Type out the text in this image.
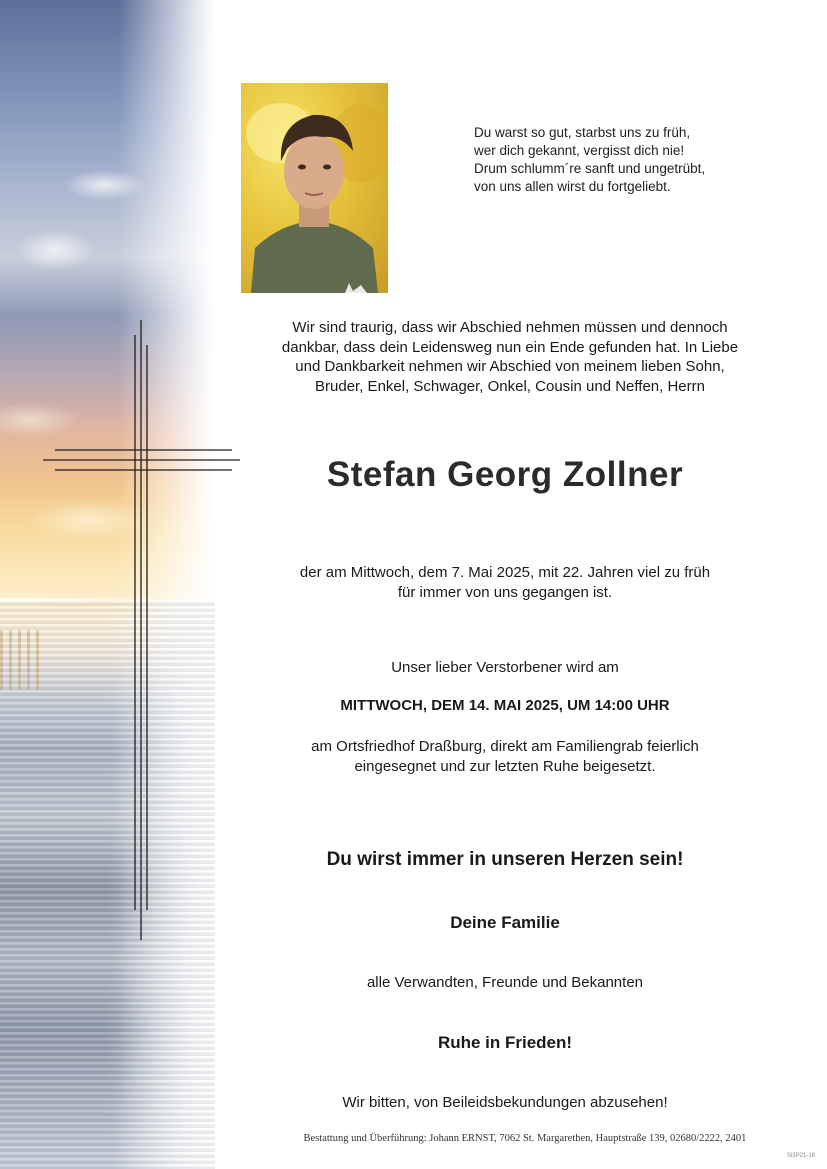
Du warst so gut, starbst uns zu früh,
wer dich gekannt, vergisst dich nie!
Drum schlumm´re sanft und ungetrübt,
von uns allen wirst du fortgeliebt.
Wir sind traurig, dass wir Abschied nehmen müssen und dennoch
dankbar, dass dein Leidensweg nun ein Ende gefunden hat. In Liebe
und Dankbarkeit nehmen wir Abschied von meinem lieben Sohn,
Bruder, Enkel, Schwager, Onkel, Cousin und Neffen, Herrn
Stefan Georg Zollner
der am Mittwoch, dem 7. Mai 2025, mit 22. Jahren viel zu früh
für immer von uns gegangen ist.
Unser lieber Verstorbener wird am
MITTWOCH, DEM 14. MAI 2025, UM 14:00 UHR
am Ortsfriedhof Draßburg, direkt am Familiengrab feierlich
eingesegnet und zur letzten Ruhe beigesetzt.
Du wirst immer in unseren Herzen sein!
Deine Familie
alle Verwandten, Freunde und Bekannten
Ruhe in Frieden!
Wir bitten, von Beileidsbekundungen abzusehen!
Bestattung und Überführung: Johann ERNST, 7062 St. Margarethen, Hauptstraße 139, 02680/2222, 2401
Si3P21-18
